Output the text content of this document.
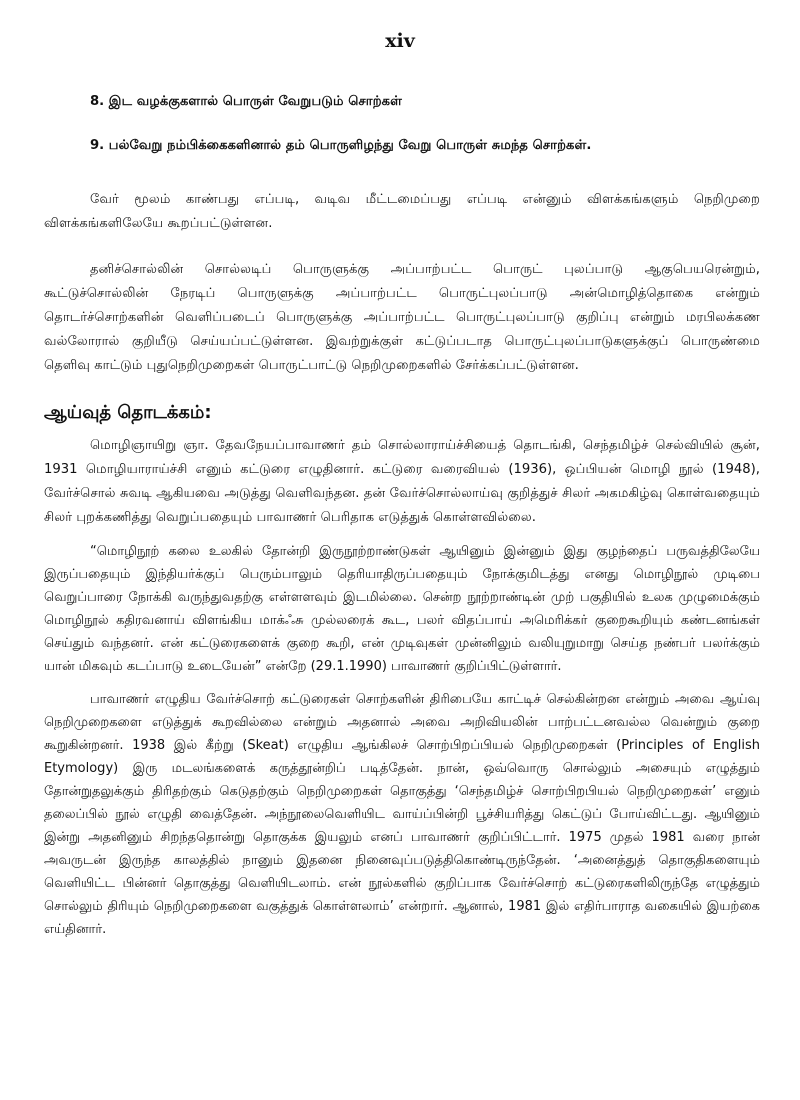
xiv
8. இட வழக்குகளால் பொருள் வேறுபடும் சொற்கள்
9. பல்வேறு நம்பிக்கைகளினால் தம் பொருளிழந்து வேறு பொருள் சுமந்த சொற்கள்.

வேர் மூலம் காண்பது எப்படி, வடிவ மீட்டமைப்பது எப்படி என்னும் விளக்கங்களும் நெறிமுறை விளக்கங்களிலேயே கூறப்பட்டுள்ளன.

தனிச்சொல்லின் சொல்லடிப் பொருளுக்கு அப்பாற்பட்ட பொருட் புலப்பாடு ஆகுபெயரென்றும், கூட்டுச்சொல்லின் நேரடிப் பொருளுக்கு அப்பாற்பட்ட பொருட்புலப்பாடு அன்மொழித்தொகை என்றும் தொடர்ச்சொற்களின் வெளிப்படைப் பொருளுக்கு அப்பாற்பட்ட பொருட்புலப்பாடு குறிப்பு என்றும் மரபிலக்கண வல்லோரால் குறியீடு செய்யப்பட்டுள்ளன. இவற்றுக்குள் கட்டுப்படாத பொருட்புலப்பாடுகளுக்குப் பொருண்மை தெளிவு காட்டும் புதுநெறிமுறைகள் பொருட்பாட்டு நெறிமுறைகளில் சேர்க்கப்பட்டுள்ளன.

ஆய்வுத் தொடக்கம்:

மொழிஞாயிறு ஞா. தேவநேயப்பாவாணர் தம் சொல்லாராய்ச்சியைத் தொடங்கி, செந்தமிழ்ச் செல்வியில் சூன், 1931 மொழியாராய்ச்சி எனும் கட்டுரை எழுதினார். கட்டுரை வரைவியல் (1936), ஒப்பியன் மொழி நூல் (1948), வேர்ச்சொல் சுவடி ஆகியவை அடுத்து வெளிவந்தன. தன் வேர்ச்சொல்லாய்வு குறித்துச் சிலர் அகமகிழ்வு கொள்வதையும் சிலர் புறக்கணித்து வெறுப்பதையும் பாவாணர் பெரிதாக எடுத்துக் கொள்ளவில்லை.

“மொழிநூற் கலை உலகில் தோன்றி இருநூற்றாண்டுகள் ஆயினும் இன்னும் இது குழந்தைப் பருவத்திலேயே இருப்பதையும் இந்தியர்க்குப் பெரும்பாலும் தெரியாதிருப்பதையும் நோக்குமிடத்து எனது மொழிநூல் முடிபை வெறுப்பாரை நோக்கி வருந்துவதற்கு எள்ளளவும் இடமில்லை. சென்ற நூற்றாண்டின் முற் பகுதியில் உலக முழுமைக்கும் மொழிநூல் கதிரவனாய் விளங்கிய மாக்ஃசு முல்லரைக் கூட, பலர் விதப்பாய் அமெரிக்கர் குறைகூறியும் கண்டனங்கள் செய்தும் வந்தனர். என் கட்டுரைகளைக் குறை கூறி, என் முடிவுகள் முன்னிலும் வலியுறுமாறு செய்த நண்பர் பலர்க்கும் யான் மிகவும் கடப்பாடு உடையேன்” என்றே (29.1.1990) பாவாணர் குறிப்பிட்டுள்ளார்.

பாவாணர் எழுதிய வேர்ச்சொற் கட்டுரைகள் சொற்களின் திரிபையே காட்டிச் செல்கின்றன என்றும் அவை ஆய்வு நெறிமுறைகளை எடுத்துக் கூறவில்லை என்றும் அதனால் அவை அறிவியலின் பாற்பட்டனவல்ல வென்றும் குறை கூறுகின்றனர். 1938 இல் கீற்று (Skeat) எழுதிய ஆங்கிலச் சொற்பிறப்பியல் நெறிமுறைகள் (Principles of English Etymology) இரு மடலங்களைக் கருத்தூன்றிப் படித்தேன். நான், ஒவ்வொரு சொல்லும் அசையும் எழுத்தும் தோன்றுதலுக்கும் திரிதற்கும் கெடுதற்கும் நெறிமுறைகள் தொகுத்து ‘செந்தமிழ்ச் சொற்பிறபியல் நெறிமுறைகள்’ எனும் தலைப்பில் நூல் எழுதி வைத்தேன். அந்நூலைவெளியிட வாய்ப்பின்றி பூச்சியரித்து கெட்டுப் போய்விட்டது. ஆயினும் இன்று அதனினும் சிறந்ததொன்று தொகுக்க இயலும் எனப் பாவாணர் குறிப்பிட்டார். 1975 முதல் 1981 வரை நான் அவருடன் இருந்த காலத்தில் நானும் இதனை நினைவுப்படுத்திகொண்டிருந்தேன். ‘அனைத்துத் தொகுதிகளையும் வெளியிட்ட பின்னர் தொகுத்து வெளியிடலாம். என் நூல்களில் குறிப்பாக வேர்ச்சொற் கட்டுரைகளிலிருந்தே எழுத்தும் சொல்லும் திரியும் நெறிமுறைகளை வகுத்துக் கொள்ளலாம்’ என்றார். ஆனால், 1981 இல் எதிர்பாராத வகையில் இயற்கை எய்தினார்.
